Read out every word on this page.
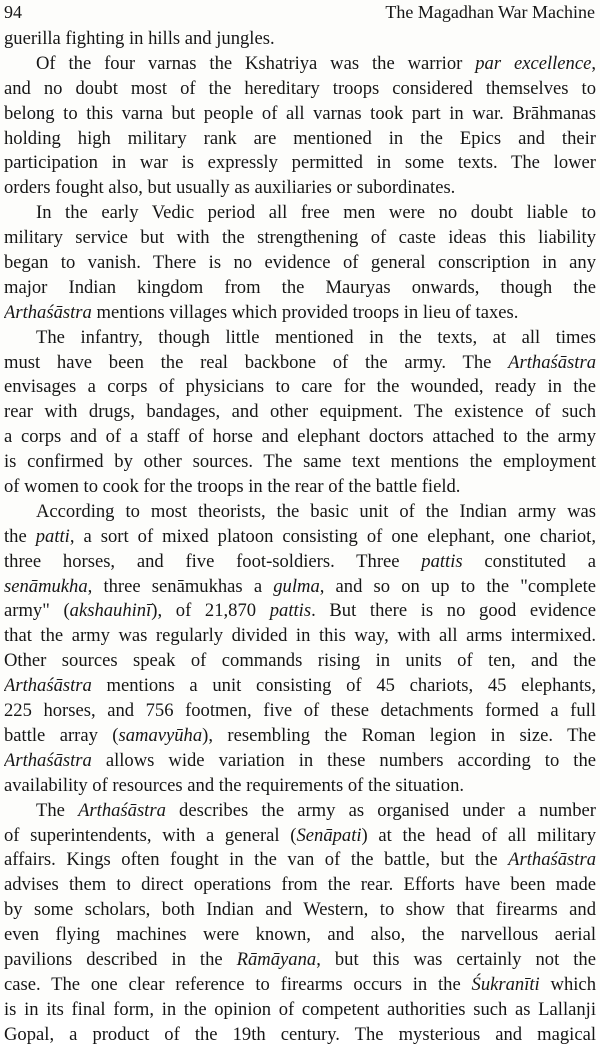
94	The Magadhan War Machine
guerilla fighting in hills and jungles.
Of the four varnas the Kshatriya was the warrior par excellence,
and no doubt most of the hereditary troops considered themselves to
belong to this varna but people of all varnas took part in war. Brāhmanas
holding high military rank are mentioned in the Epics and their
participation in war is expressly permitted in some texts. The lower
orders fought also, but usually as auxiliaries or subordinates.
In the early Vedic period all free men were no doubt liable to
military service but with the strengthening of caste ideas this liability
began to vanish. There is no evidence of general conscription in any
major Indian kingdom from the Mauryas onwards, though the
Arthaśāstra mentions villages which provided troops in lieu of taxes.
The infantry, though little mentioned in the texts, at all times
must have been the real backbone of the army. The Arthaśāstra
envisages a corps of physicians to care for the wounded, ready in the
rear with drugs, bandages, and other equipment. The existence of such
a corps and of a staff of horse and elephant doctors attached to the army
is confirmed by other sources. The same text mentions the employment
of women to cook for the troops in the rear of the battle field.
According to most theorists, the basic unit of the Indian army was
the patti, a sort of mixed platoon consisting of one elephant, one chariot,
three horses, and five foot-soldiers. Three pattis constituted a
senāmukha, three senāmukhas a gulma, and so on up to the "complete
army" (akshauhinī), of 21,870 pattis. But there is no good evidence
that the army was regularly divided in this way, with all arms intermixed.
Other sources speak of commands rising in units of ten, and the
Arthaśāstra mentions a unit consisting of 45 chariots, 45 elephants,
225 horses, and 756 footmen, five of these detachments formed a full
battle array (samavyūha), resembling the Roman legion in size. The
Arthaśāstra allows wide variation in these numbers according to the
availability of resources and the requirements of the situation.
The Arthaśāstra describes the army as organised under a number
of superintendents, with a general (Senāpati) at the head of all military
affairs. Kings often fought in the van of the battle, but the Arthaśāstra
advises them to direct operations from the rear. Efforts have been made
by some scholars, both Indian and Western, to show that firearms and
even flying machines were known, and also, the narvellous aerial
pavilions described in the Rāmāyana, but this was certainly not the
case. The one clear reference to firearms occurs in the Śukranīti which
is in its final form, in the opinion of competent authorities such as Lallanji
Gopal, a product of the 19th century. The mysterious and magical
